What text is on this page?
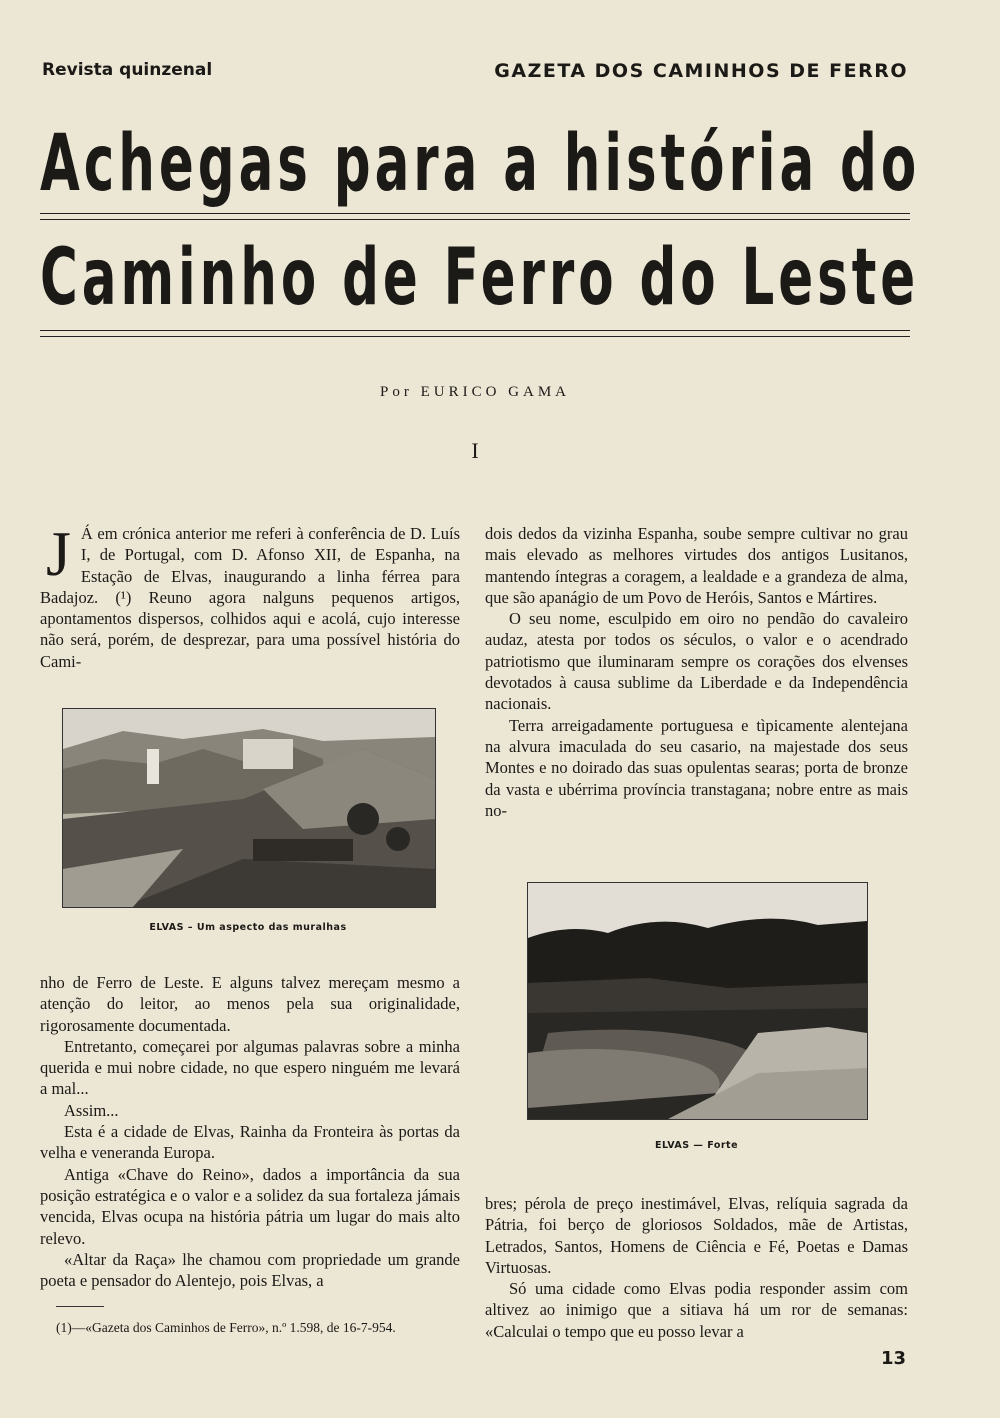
Revista quinzenal	GAZETA DOS CAMINHOS DE FERRO
Achegas para a história do
Caminho de Ferro do Leste
Por EURICO GAMA
I

J Á em crónica anterior me referi à conferência de D. Luís I, de Portugal, com D. Afonso XII, de Espanha, na Estação de Elvas, inaugurando a linha férrea para Badajoz. (¹) Reuno agora nalguns pequenos artigos, apontamentos dispersos, colhidos aqui e acolá, cujo interesse não será, porém, de desprezar, para uma possível história do Cami-

ELVAS – Um aspecto das muralhas

nho de Ferro de Leste. E alguns talvez mereçam mesmo a atenção do leitor, ao menos pela sua originalidade, rigorosamente documentada.

Entretanto, começarei por algumas palavras sobre a minha querida e mui nobre cidade, no que espero ninguém me levará a mal...

Assim...

Esta é a cidade de Elvas, Rainha da Fronteira às portas da velha e veneranda Europa.

Antiga «Chave do Reino», dados a importância da sua posição estratégica e o valor e a solidez da sua fortaleza jámais vencida, Elvas ocupa na história pátria um lugar do mais alto relevo.

«Altar da Raça» lhe chamou com propriedade um grande poeta e pensador do Alentejo, pois Elvas, a

dois dedos da vizinha Espanha, soube sempre cultivar no grau mais elevado as melhores virtudes dos antigos Lusitanos, mantendo íntegras a coragem, a lealdade e a grandeza de alma, que são apanágio de um Povo de Heróis, Santos e Mártires.

O seu nome, esculpido em oiro no pendão do cavaleiro audaz, atesta por todos os séculos, o valor e o acendrado patriotismo que iluminaram sempre os corações dos elvenses devotados à causa sublime da Liberdade e da Independência nacionais.

Terra arreigadamente portuguesa e tìpicamente alentejana na alvura imaculada do seu casario, na majestade dos seus Montes e no doirado das suas opulentas searas; porta de bronze da vasta e ubérrima província transtagana; nobre entre as mais no-

ELVAS — Forte

bres; pérola de preço inestimável, Elvas, relíquia sagrada da Pátria, foi berço de gloriosos Soldados, mãe de Artistas, Letrados, Santos, Homens de Ciência e Fé, Poetas e Damas Virtuosas.

Só uma cidade como Elvas podia responder assim com altivez ao inimigo que a sitiava há um ror de semanas: «Calculai o tempo que eu posso levar a

(1)—«Gazeta dos Caminhos de Ferro», n.º 1.598, de 16-7-954.
13
